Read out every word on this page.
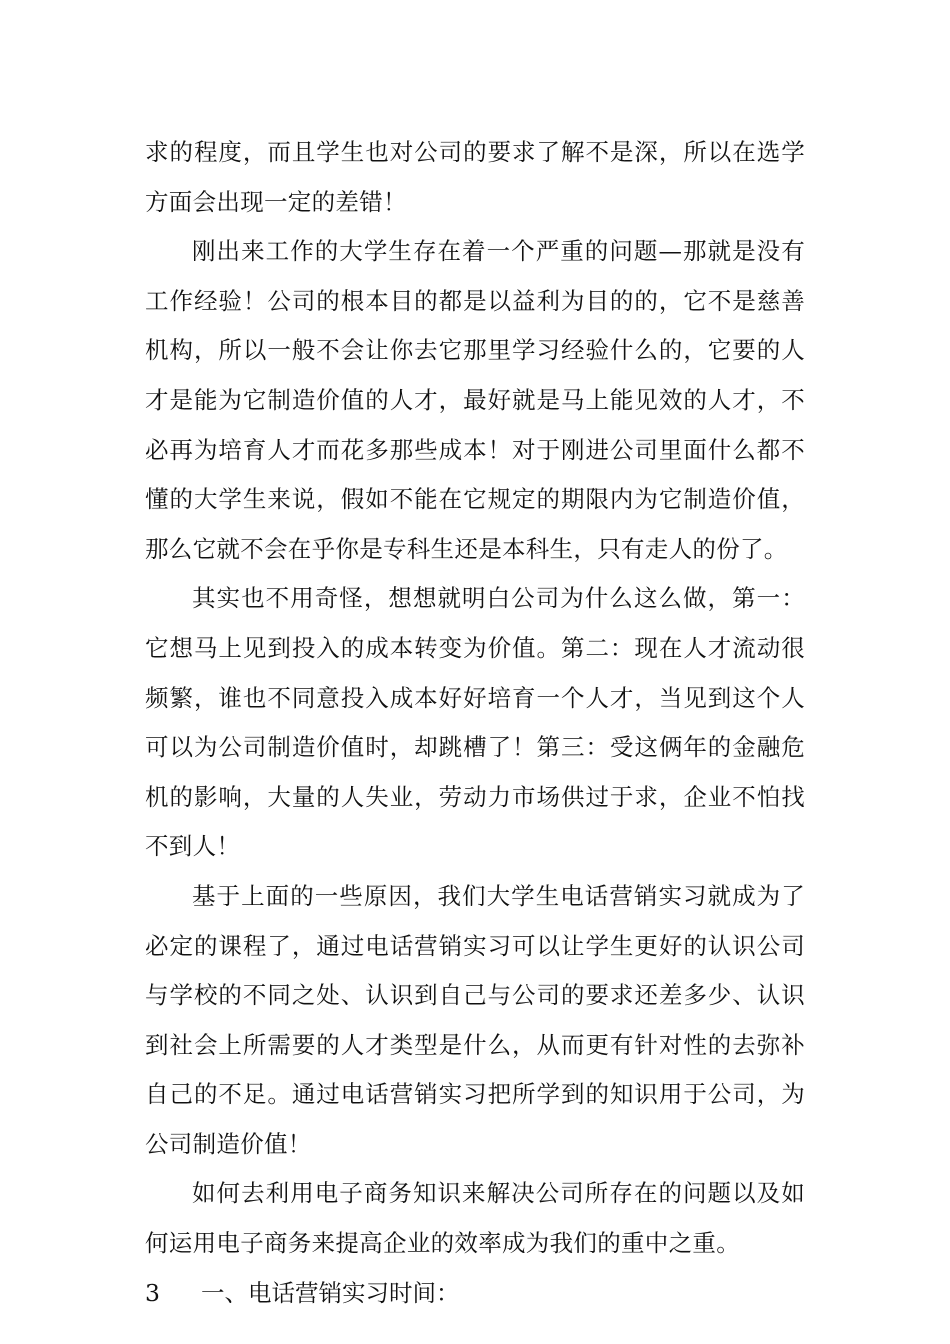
求的程度，而且学生也对公司的要求了解不是深，所以在选学方面会出现一定的差错！

刚出来工作的大学生存在着一个严重的问题—那就是没有工作经验！公司的根本目的都是以益利为目的的，它不是慈善机构，所以一般不会让你去它那里学习经验什么的，它要的人才是能为它制造价值的人才，最好就是马上能见效的人才，不必再为培育人才而花多那些成本！对于刚进公司里面什么都不懂的大学生来说，假如不能在它规定的期限内为它制造价值，那么它就不会在乎你是专科生还是本科生，只有走人的份了。

其实也不用奇怪，想想就明白公司为什么这么做，第一：它想马上见到投入的成本转变为价值。第二：现在人才流动很频繁，谁也不同意投入成本好好培育一个人才，当见到这个人可以为公司制造价值时，却跳槽了！第三：受这俩年的金融危机的影响，大量的人失业，劳动力市场供过于求，企业不怕找不到人！

基于上面的一些原因，我们大学生电话营销实习就成为了必定的课程了，通过电话营销实习可以让学生更好的认识公司与学校的不同之处、认识到自己与公司的要求还差多少、认识到社会上所需要的人才类型是什么，从而更有针对性的去弥补自己的不足。通过电话营销实习把所学到的知识用于公司，为公司制造价值！

如何去利用电子商务知识来解决公司所存在的问题以及如何运用电子商务来提高企业的效率成为我们的重中之重。

3	一、电话营销实习时间：
